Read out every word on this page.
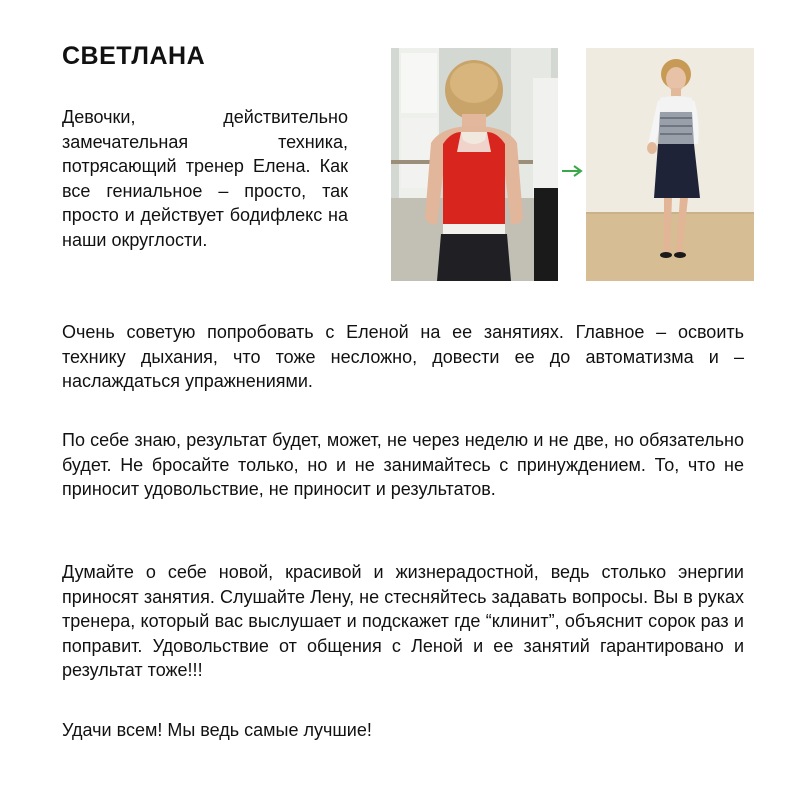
СВЕТЛАНА

Девочки, действительно замечательная техника, потрясающий тренер Елена. Как все гениальное – просто, так просто и действует бодифлекс на наши округлости.

Очень советую попробовать с Еленой на ее занятиях. Главное – освоить технику дыхания, что тоже несложно, довести ее до автоматизма и – наслаждаться упражнениями.

По себе знаю, результат будет, может, не через неделю и не две, но обязательно будет. Не бросайте только, но и не занимайтесь с принуждением. То, что не приносит удовольствие, не приносит и результатов.

Думайте о себе новой, красивой и жизнерадостной, ведь столько энергии приносят занятия. Слушайте Лену, не стесняйтесь задавать вопросы. Вы в руках тренера, который вас выслушает и подскажет где “клинит”, объяснит сорок раз и поправит. Удовольствие от общения с Леной и ее занятий гарантировано и результат тоже!!!

Удачи всем! Мы ведь самые лучшие!
